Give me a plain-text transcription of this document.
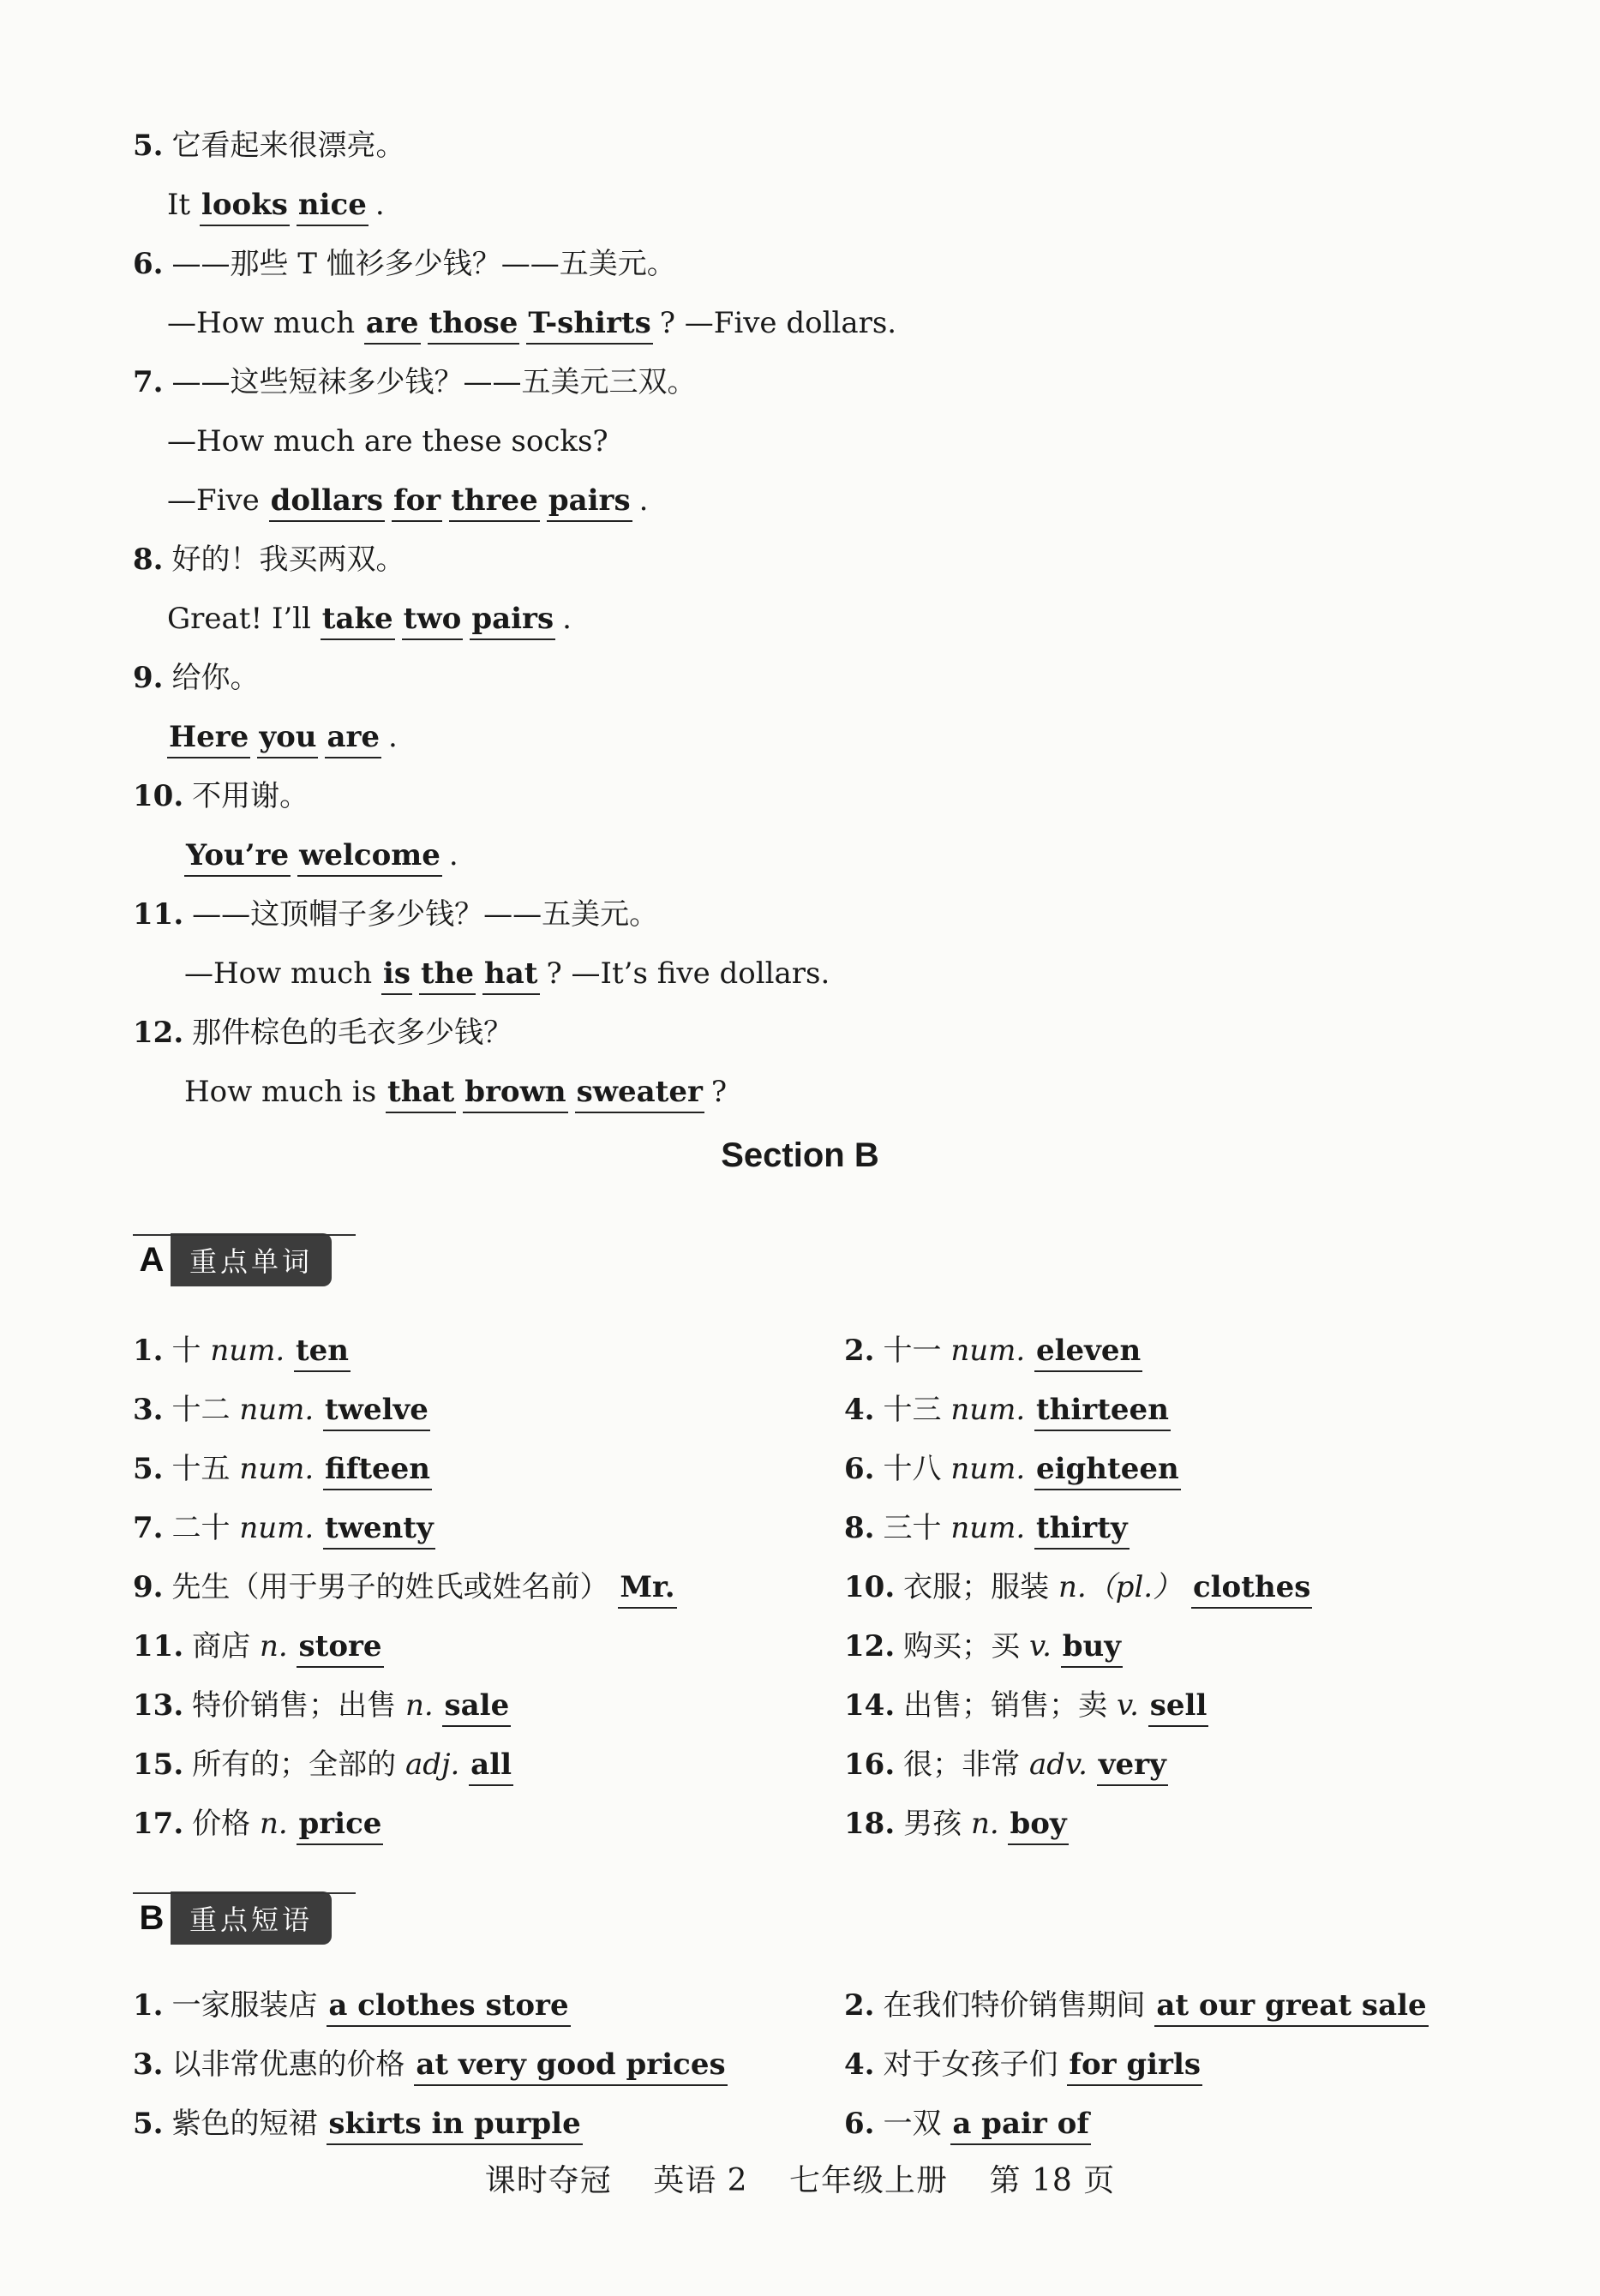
5. 它看起来很漂亮。
It looks nice .
6. ——那些 T 恤衫多少钱？——五美元。
—How much are those T-shirts ? —Five dollars.
7. ——这些短袜多少钱？——五美元三双。
—How much are these socks?
—Five dollars for three pairs .
8. 好的！我买两双。
Great! I’ll take two pairs .
9. 给你。
Here you are .
10. 不用谢。
You’re welcome .
11. ——这顶帽子多少钱？——五美元。
—How much is the hat ? —It’s five dollars.
12. 那件棕色的毛衣多少钱？
How much is that brown sweater ?
Section B
A 重点单词
1. 十 num. ten	2. 十一 num. eleven
3. 十二 num. twelve	4. 十三 num. thirteen
5. 十五 num. fifteen	6. 十八 num. eighteen
7. 二十 num. twenty	8. 三十 num. thirty
9. 先生（用于男子的姓氏或姓名前） Mr.	10. 衣服；服装 n.（pl.） clothes
11. 商店 n. store	12. 购买；买 v. buy
13. 特价销售；出售 n. sale	14. 出售；销售；卖 v. sell
15. 所有的；全部的 adj. all	16. 很；非常 adv. very
17. 价格 n. price	18. 男孩 n. boy
B 重点短语
1. 一家服装店 a clothes store	2. 在我们特价销售期间 at our great sale
3. 以非常优惠的价格 at very good prices	4. 对于女孩子们 for girls
5. 紫色的短裙 skirts in purple	6. 一双 a pair of
课时夺冠 英语 2 七年级上册 第 18 页
